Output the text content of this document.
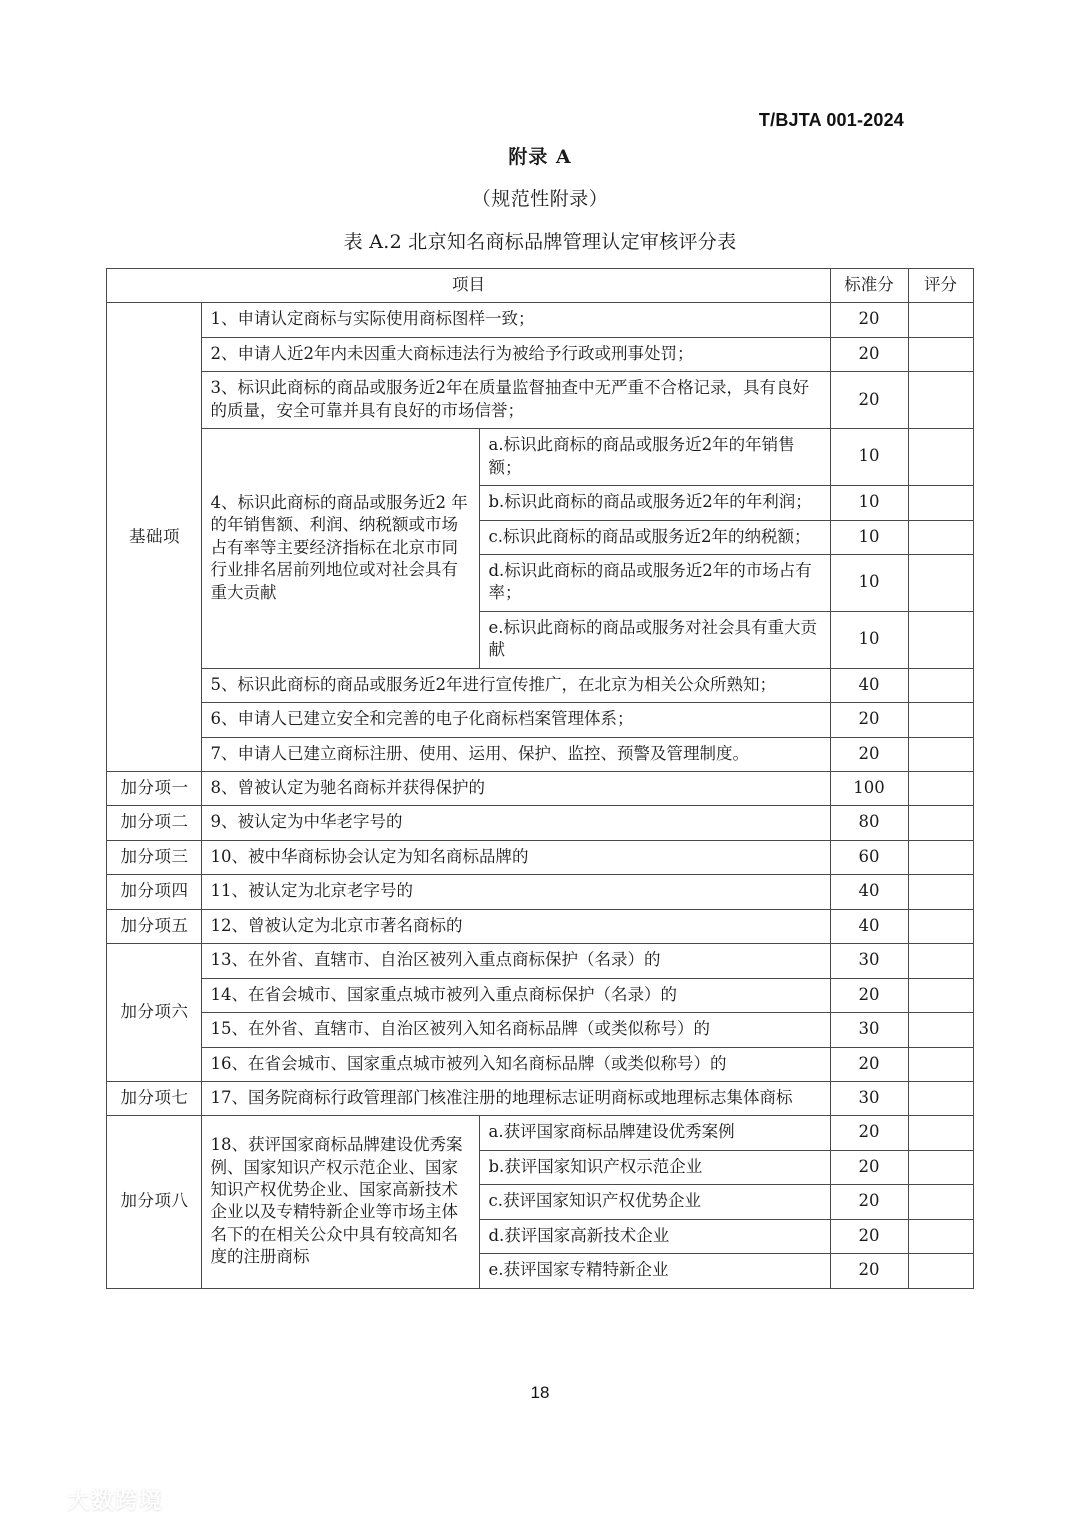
T/BJTA 001-2024
附录 A

（规范性附录）

表 A.2 北京知名商标品牌管理认定审核评分表

项目			标准分	评分
基础项	1、申请认定商标与实际使用商标图样一致；		20	
	2、申请人近2年内未因重大商标违法行为被给予行政或刑事处罚；		20	
	3、标识此商标的商品或服务近2年在质量监督抽查中无严重不合格记录，具有良好的质量，安全可靠并具有良好的市场信誉；		20	
	4、标识此商标的商品或服务近2 年的年销售额、利润、纳税额或市场占有率等主要经济指标在北京市同行业排名居前列地位或对社会具有重大贡献	a.标识此商标的商品或服务近2年的年销售额；	10	
		b.标识此商标的商品或服务近2年的年利润；	10	
		c.标识此商标的商品或服务近2年的纳税额；	10	
		d.标识此商标的商品或服务近2年的市场占有率；	10	
		e.标识此商标的商品或服务对社会具有重大贡献	10	
	5、标识此商标的商品或服务近2年进行宣传推广，在北京为相关公众所熟知；		40	
	6、申请人已建立安全和完善的电子化商标档案管理体系；		20	
	7、申请人已建立商标注册、使用、运用、保护、监控、预警及管理制度。		20	
加分项一	8、曾被认定为驰名商标并获得保护的		100	
加分项二	9、被认定为中华老字号的		80	
加分项三	10、被中华商标协会认定为知名商标品牌的		60	
加分项四	11、被认定为北京老字号的		40	
加分项五	12、曾被认定为北京市著名商标的		40	
加分项六	13、在外省、直辖市、自治区被列入重点商标保护（名录）的		30	
	14、在省会城市、国家重点城市被列入重点商标保护（名录）的		20	
	15、在外省、直辖市、自治区被列入知名商标品牌（或类似称号）的		30	
	16、在省会城市、国家重点城市被列入知名商标品牌（或类似称号）的		20	
加分项七	17、国务院商标行政管理部门核准注册的地理标志证明商标或地理标志集体商标		30	
加分项八	18、获评国家商标品牌建设优秀案例、国家知识产权示范企业、国家知识产权优势企业、国家高新技术企业以及专精特新企业等市场主体名下的在相关公众中具有较高知名度的注册商标	a.获评国家商标品牌建设优秀案例	20	
		b.获评国家知识产权示范企业	20	
		c.获评国家知识产权优势企业	20	
		d.获评国家高新技术企业	20	
		e.获评国家专精特新企业	20	
18
大数跨境
